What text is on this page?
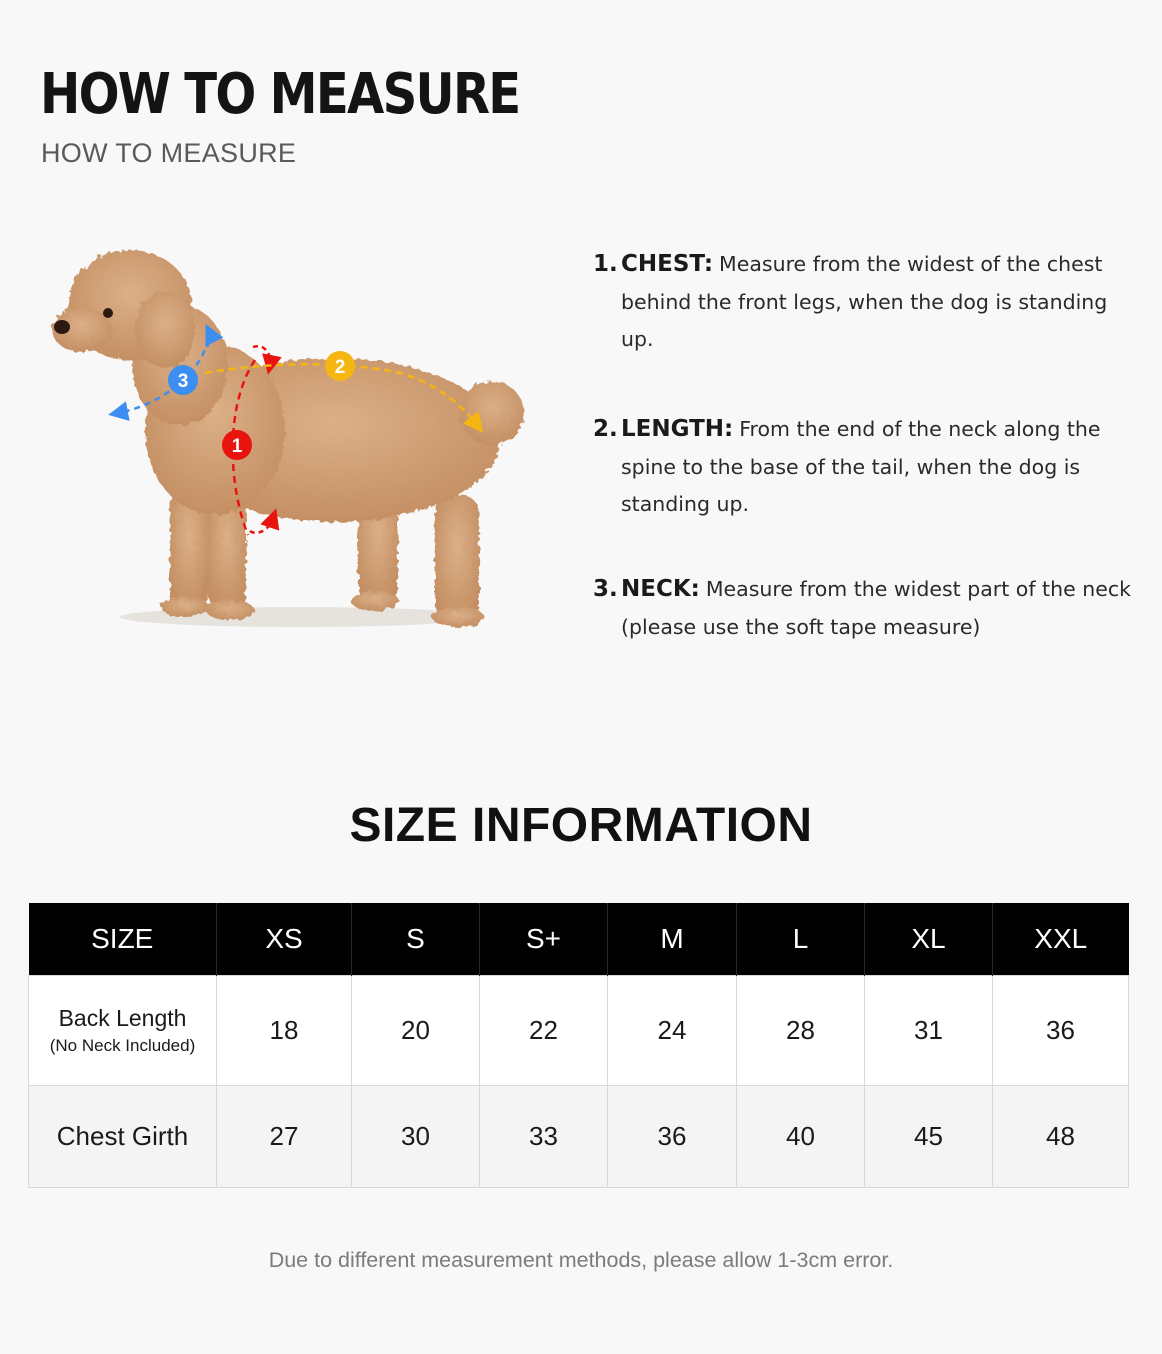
HOW TO MEASURE

HOW TO MEASURE

1
2
3
1. CHEST: Measure from the widest of the chest behind the front legs, when the dog is standing up.
2. LENGTH: From the end of the neck along the spine to the base of the tail, when the dog is standing up.
3. NECK: Measure from the widest part of the neck (please use the soft tape measure)
SIZE INFORMATION
SIZE	XS	S	S+	M	L	XL	XXL

Back Length
(No Neck Included)	18	20	22	24	28	31	36
Chest Girth	27	30	33	36	40	45	48

Due to different measurement methods, please allow 1-3cm error.
